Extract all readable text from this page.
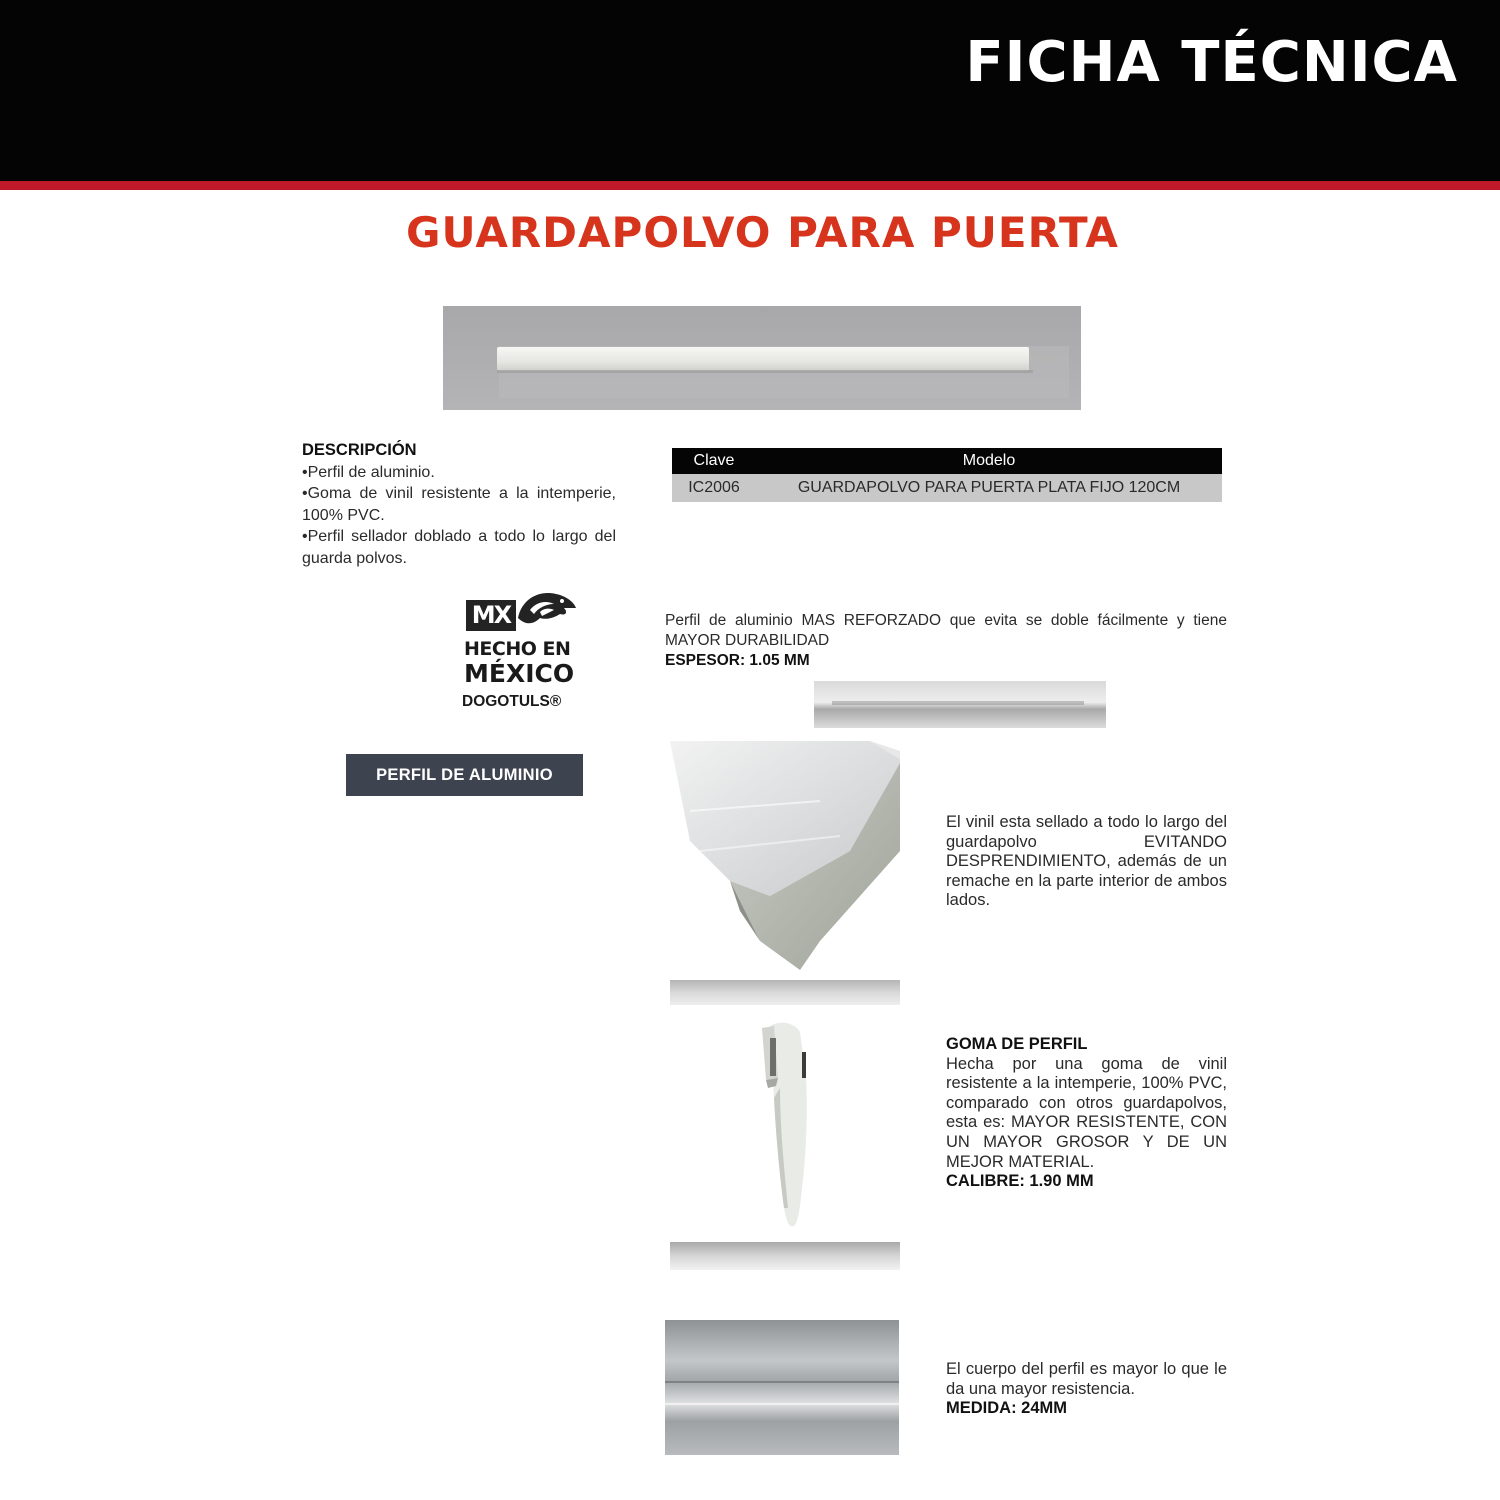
FICHA TÉCNICA
GUARDAPOLVO PARA PUERTA
DESCRIPCIÓN
•Perfil de aluminio.
•Goma de vinil resistente a la intemperie, 100% PVC.
•Perfil sellador doblado a todo lo largo del guarda polvos.
Clave	Modelo
IC2006	GUARDAPOLVO PARA PUERTA PLATA FIJO 120CM
MX
HECHO EN
MÉXICO
DOGOTULS®
PERFIL DE ALUMINIO
Perfil de aluminio MAS REFORZADO que evita se doble fácilmente y tiene MAYOR DURABILIDAD
ESPESOR: 1.05 MM
El vinil esta sellado a todo lo largo del guardapolvo EVITANDO DESPRENDIMIENTO, además de un remache en la parte interior de ambos lados.
GOMA DE PERFIL
Hecha por una goma de vinil resistente a la intemperie, 100% PVC, comparado con otros guardapolvos, esta es: MAYOR RESISTENTE, CON UN MAYOR GROSOR Y DE UN MEJOR MATERIAL.
CALIBRE: 1.90 MM
El cuerpo del perfil es mayor lo que le da una mayor resistencia.
MEDIDA: 24MM
